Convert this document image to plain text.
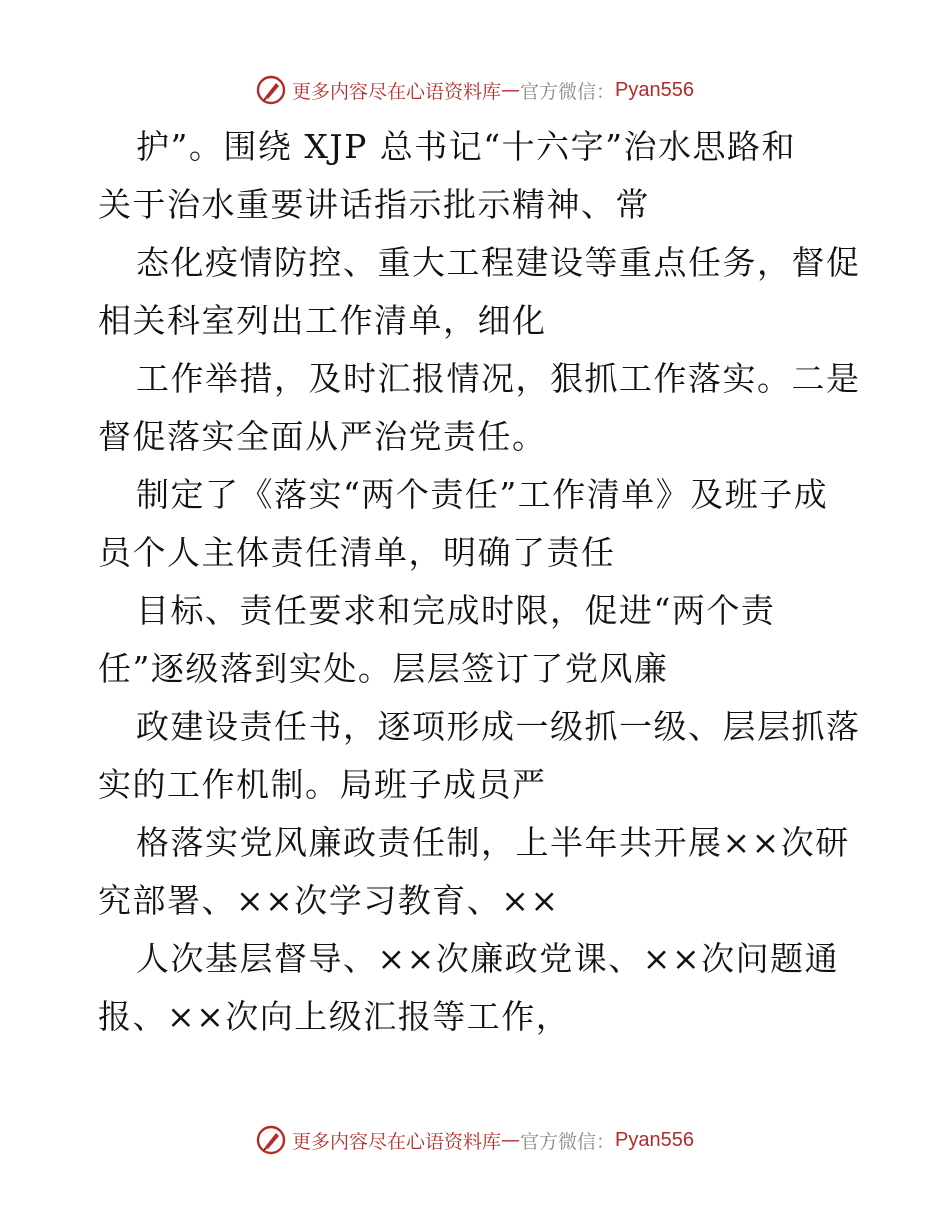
更多内容尽在心语资料库 — 官方微信： Pyan556
护”。围绕 XJP 总书记“十六字”治水思路和
关于治水重要讲话指示批示精神、常
态化疫情防控、重大工程建设等重点任务，督促
相关科室列出工作清单，细化
工作举措，及时汇报情况，狠抓工作落实。二是
督促落实全面从严治党责任。
制定了《落实“两个责任”工作清单》及班子成
员个人主体责任清单，明确了责任
目标、责任要求和完成时限，促进“两个责
任”逐级落到实处。层层签订了党风廉
政建设责任书，逐项形成一级抓一级、层层抓落
实的工作机制。局班子成员严
格落实党风廉政责任制，上半年共开展××次研
究部署、××次学习教育、××
人次基层督导、××次廉政党课、××次问题通
报、××次向上级汇报等工作，
更多内容尽在心语资料库 — 官方微信： Pyan556
